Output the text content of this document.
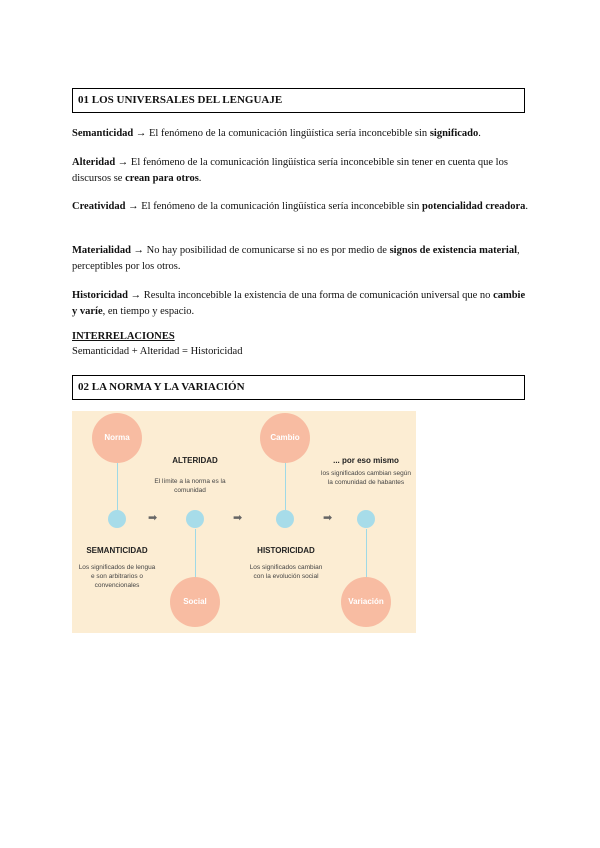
01 LOS UNIVERSALES DEL LENGUAJE
Semanticidad → El fenómeno de la comunicación lingüística sería inconcebible sin significado.
Alteridad → El fenómeno de la comunicación lingüística sería inconcebible sin tener en cuenta que los discursos se crean para otros.
Creatividad → El fenómeno de la comunicación lingüística sería inconcebible sin potencialidad creadora.
Materialidad → No hay posibilidad de comunicarse si no es por medio de signos de existencia material, perceptibles por los otros.
Historicidad → Resulta inconcebible la existencia de una forma de comunicación universal que no cambie y varíe, en tiempo y espacio.
INTERRELACIONES
Semanticidad + Alteridad = Historicidad
02 LA NORMA Y LA VARIACIÓN
Norma
Social
Cambio
Variación
➡	➡	➡
ALTERIDAD
El límite a la norma es la comunidad
SEMANTICIDAD
Los significados de lengua e son arbitrarios o convencionales
HISTORICIDAD
Los significados cambian con la evolución social
... por eso mismo
los significados cambian según la comunidad de habantes
